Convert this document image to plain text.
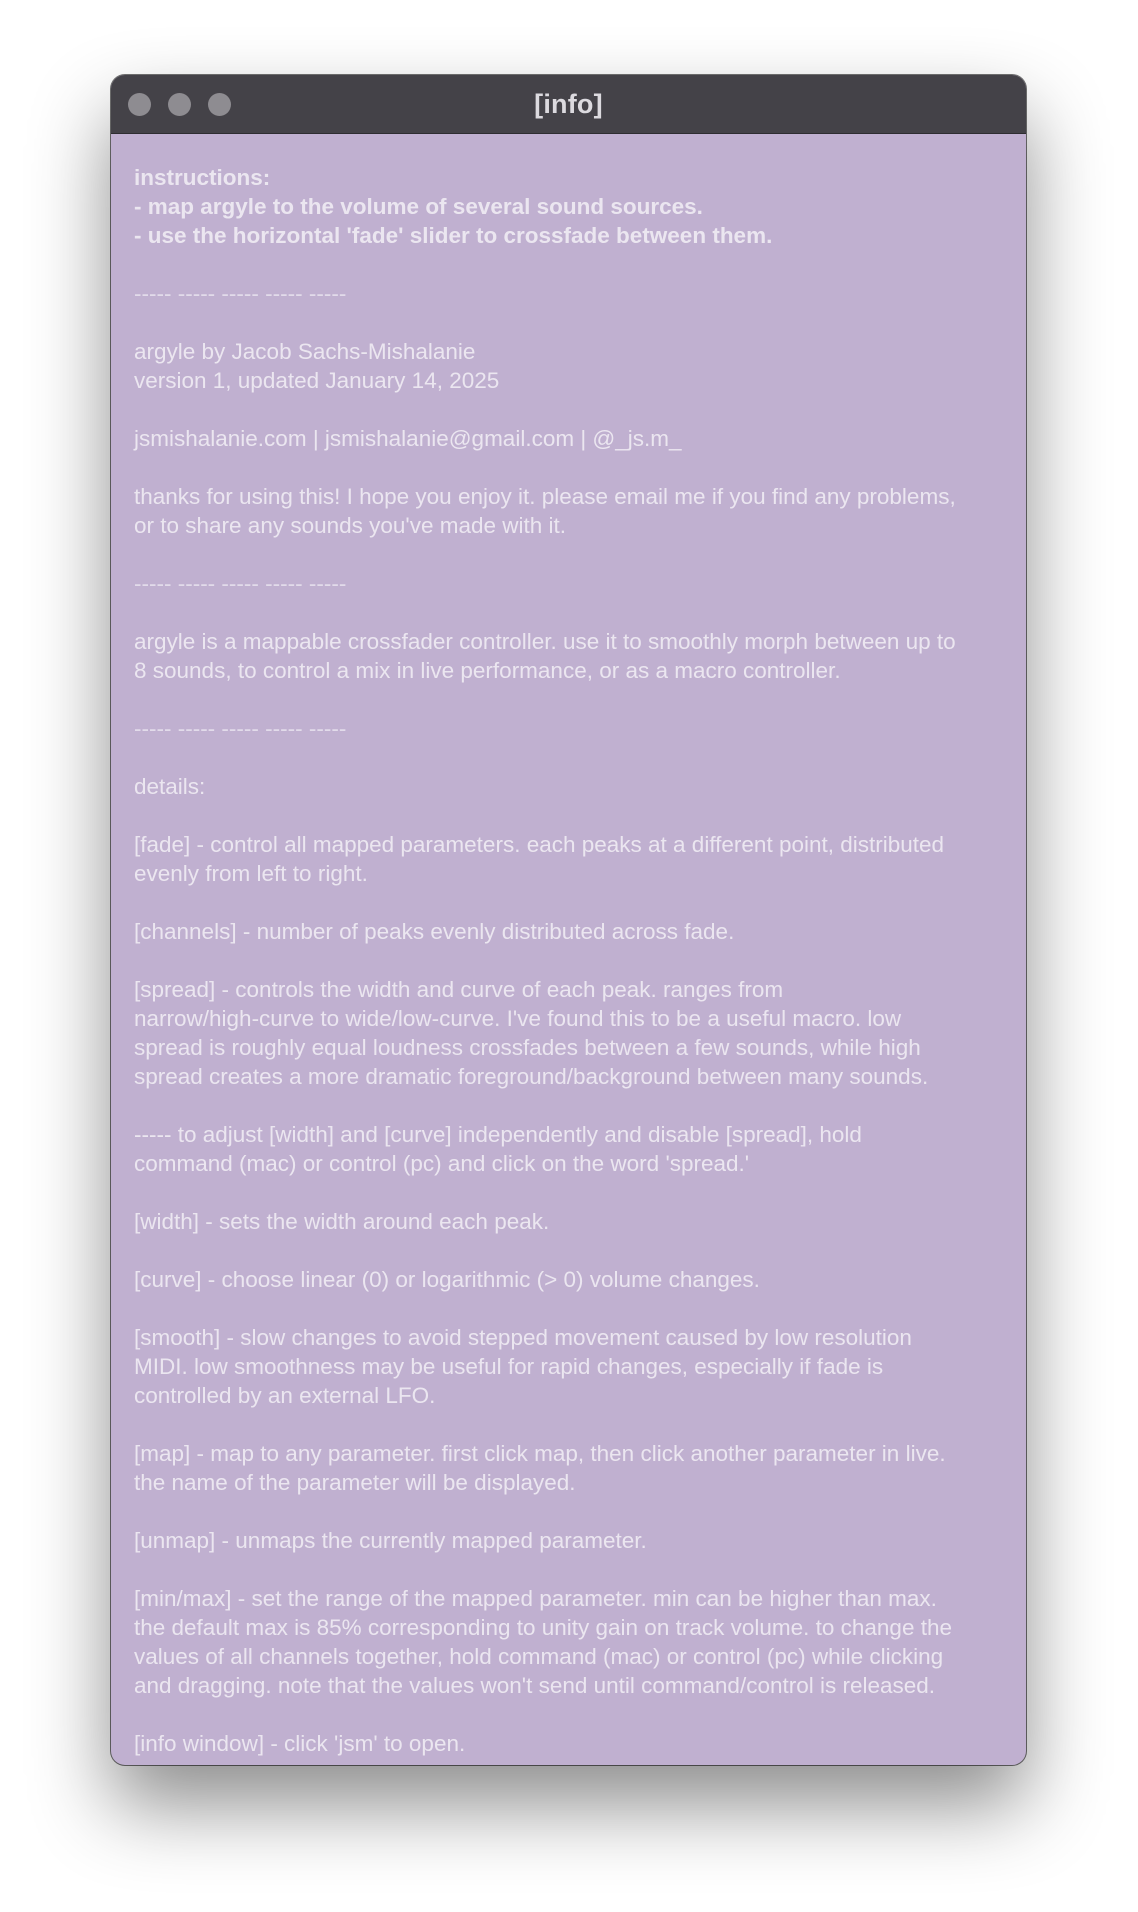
[info]
instructions:
- map argyle to the volume of several sound sources.
- use the horizontal 'fade' slider to crossfade between them.
----- ----- ----- ----- -----
argyle by Jacob Sachs-Mishalanie
version 1, updated January 14, 2025
jsmishalanie.com | jsmishalanie@gmail.com | @_js.m_
thanks for using this! I hope you enjoy it. please email me if you find any problems,
or to share any sounds you've made with it.
----- ----- ----- ----- -----
argyle is a mappable crossfader controller. use it to smoothly morph between up to
8 sounds, to control a mix in live performance, or as a macro controller.
----- ----- ----- ----- -----
details:
[fade] - control all mapped parameters. each peaks at a different point, distributed
evenly from left to right.
[channels] - number of peaks evenly distributed across fade.
[spread] - controls the width and curve of each peak. ranges from
narrow/high-curve to wide/low-curve. I've found this to be a useful macro. low
spread is roughly equal loudness crossfades between a few sounds, while high
spread creates a more dramatic foreground/background between many sounds.
----- to adjust [width] and [curve] independently and disable [spread], hold
command (mac) or control (pc) and click on the word 'spread.'
[width] - sets the width around each peak.
[curve] - choose linear (0) or logarithmic (> 0) volume changes.
[smooth] - slow changes to avoid stepped movement caused by low resolution
MIDI. low smoothness may be useful for rapid changes, especially if fade is
controlled by an external LFO.
[map] - map to any parameter. first click map, then click another parameter in live.
the name of the parameter will be displayed.
[unmap] - unmaps the currently mapped parameter.
[min/max] - set the range of the mapped parameter. min can be higher than max.
the default max is 85% corresponding to unity gain on track volume. to change the
values of all channels together, hold command (mac) or control (pc) while clicking
and dragging. note that the values won't send until command/control is released.
[info window] - click 'jsm' to open.
